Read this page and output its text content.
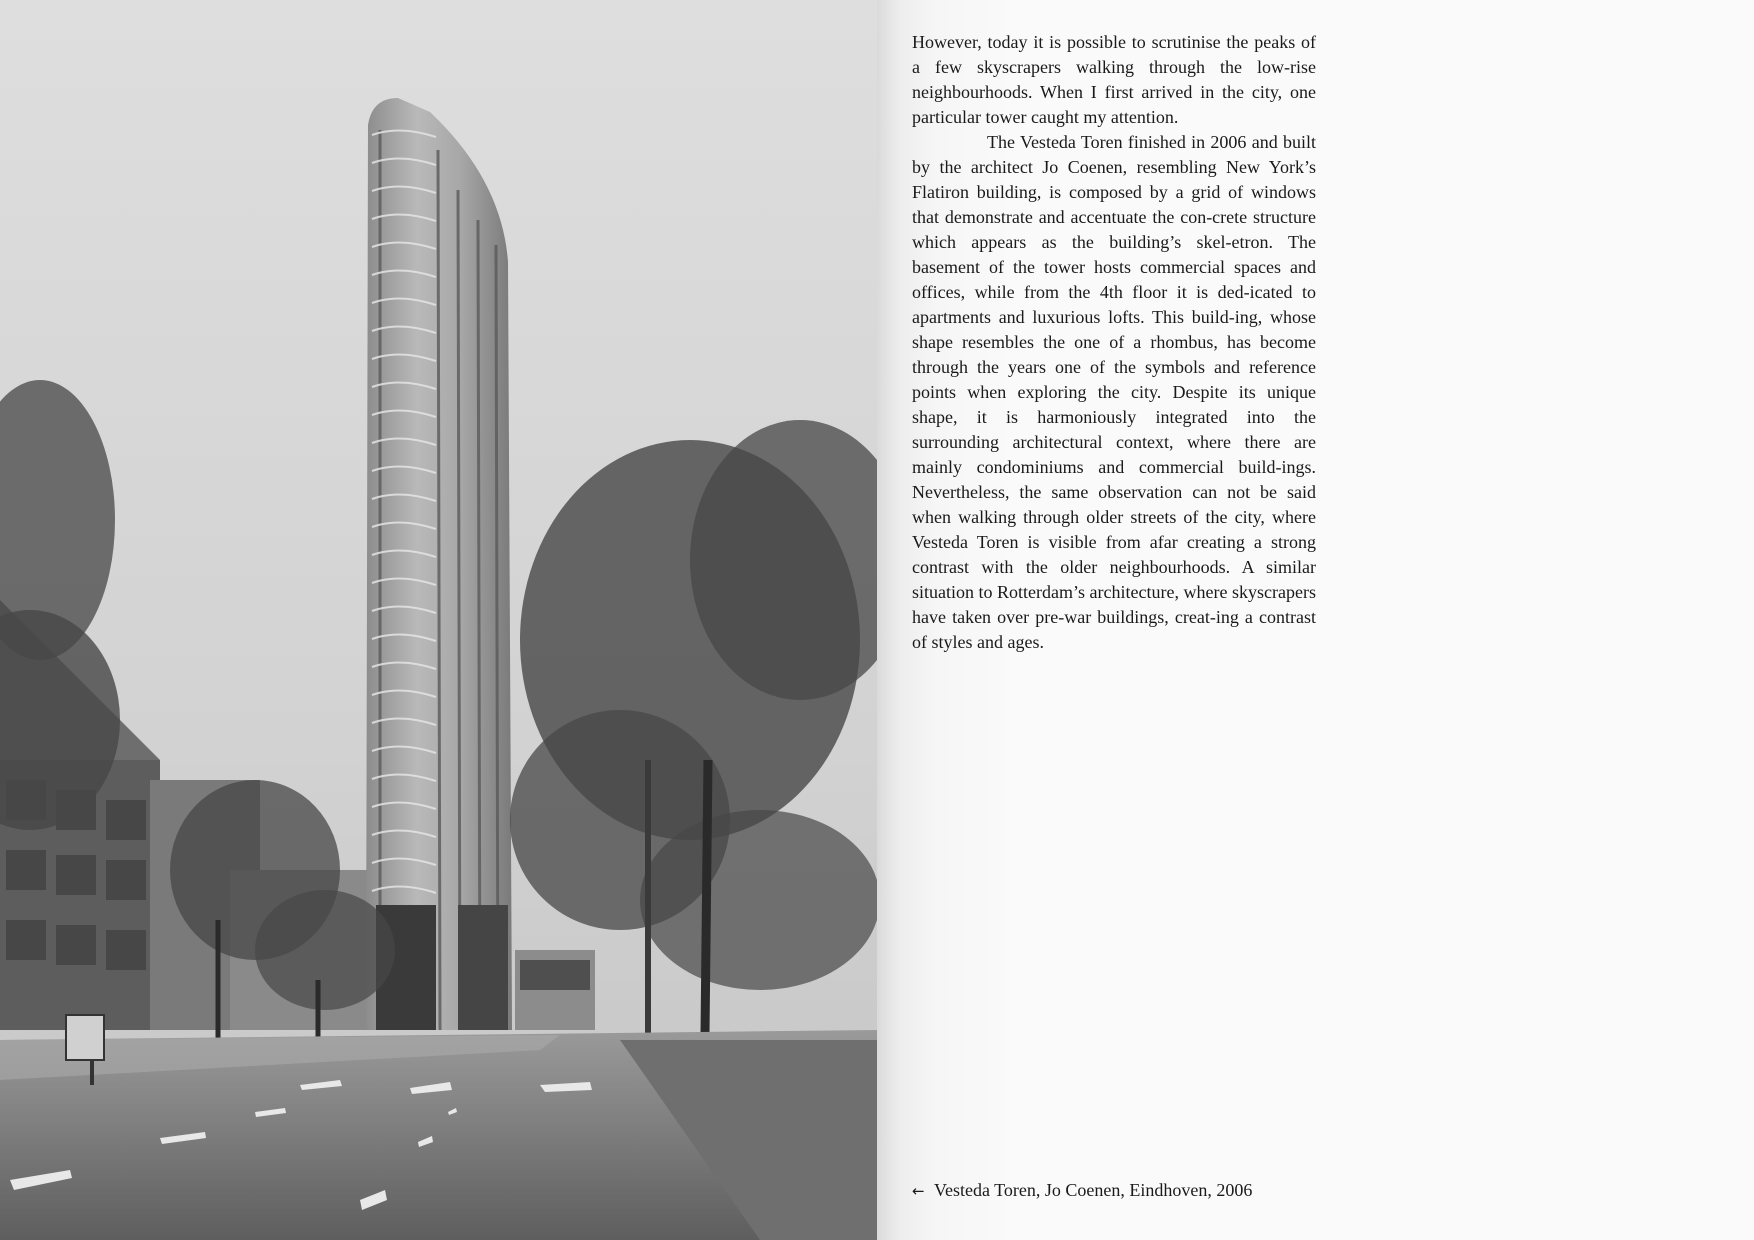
However, today it is possible to scrutinise the peaks of a few skyscrapers walking through the low-rise neighbourhoods. When I first arrived in the city, one particular tower caught my attention.

The Vesteda Toren finished in 2006 and built by the architect Jo Coenen, resembling New York’s Flatiron building, is composed by a grid of windows that demonstrate and accentuate the con-crete structure which appears as the building’s skel-etron. The basement of the tower hosts commercial spaces and offices, while from the 4th floor it is ded-icated to apartments and luxurious lofts. This build-ing, whose shape resembles the one of a rhombus, has become through the years one of the symbols and reference points when exploring the city. Despite its unique shape, it is harmoniously integrated into the surrounding architectural context, where there are mainly condominiums and commercial build-ings. Nevertheless, the same observation can not be said when walking through older streets of the city, where Vesteda Toren is visible from afar creating a strong contrast with the older neighbourhoods. A similar situation to Rotterdam’s architecture, where skyscrapers have taken over pre-war buildings, creat-ing a contrast of styles and ages.

← Vesteda Toren, Jo Coenen, Eindhoven, 2006
